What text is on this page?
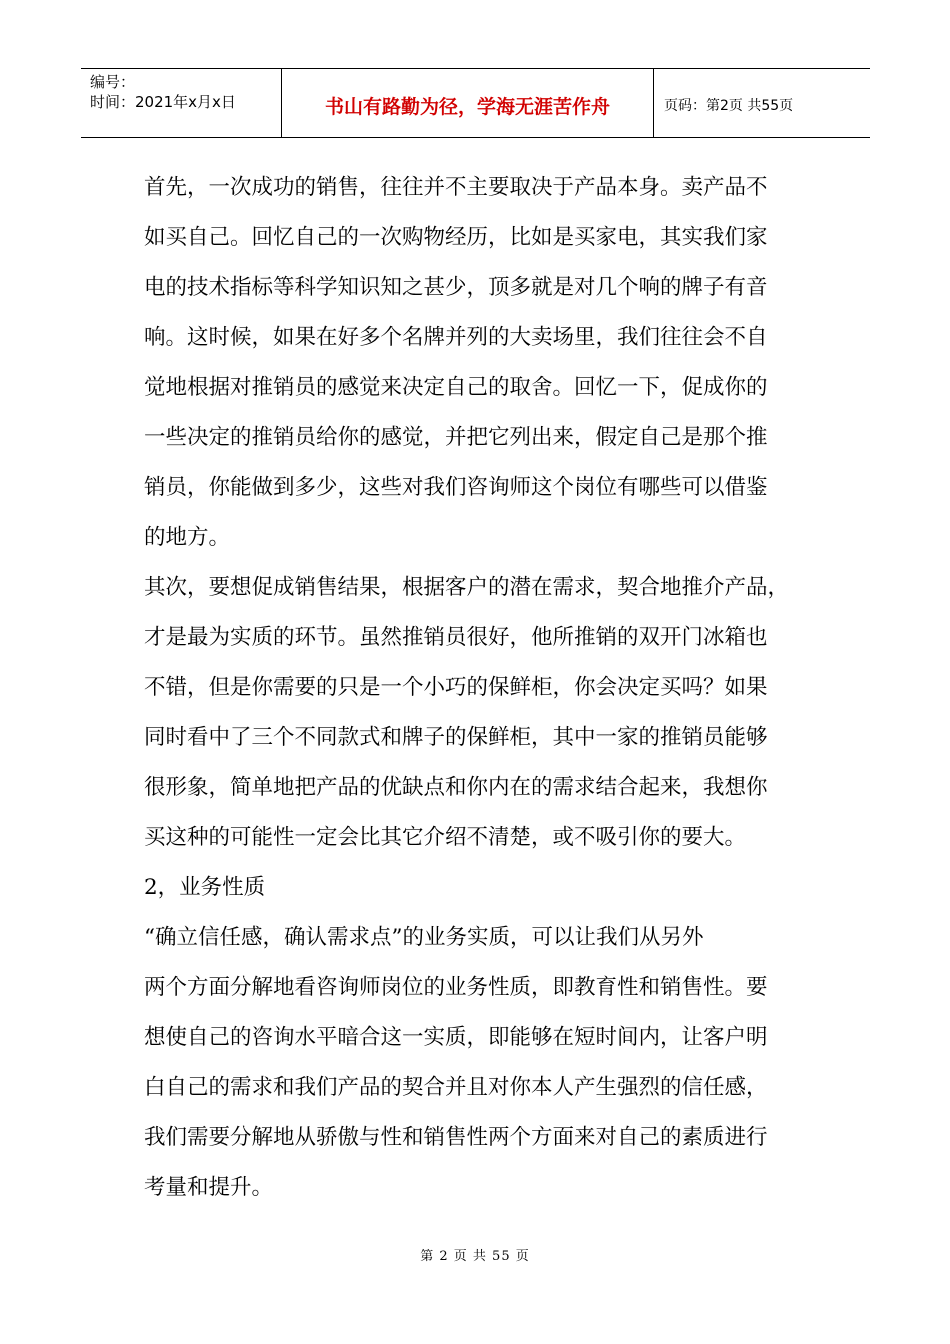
编号：
时间：2021年x月x日	书山有路勤为径，学海无涯苦作舟	页码：第2页 共55页
首先，一次成功的销售，往往并不主要取决于产品本身。卖产品不
如买自己。回忆自己的一次购物经历，比如是买家电，其实我们家
电的技术指标等科学知识知之甚少，顶多就是对几个响的牌子有音
响。这时候，如果在好多个名牌并列的大卖场里，我们往往会不自
觉地根据对推销员的感觉来决定自己的取舍。回忆一下，促成你的
一些决定的推销员给你的感觉，并把它列出来，假定自己是那个推
销员，你能做到多少，这些对我们咨询师这个岗位有哪些可以借鉴
的地方。
其次，要想促成销售结果，根据客户的潜在需求，契合地推介产品，
才是最为实质的环节。虽然推销员很好，他所推销的双开门冰箱也
不错，但是你需要的只是一个小巧的保鲜柜，你会决定买吗？如果
同时看中了三个不同款式和牌子的保鲜柜，其中一家的推销员能够
很形象，简单地把产品的优缺点和你内在的需求结合起来，我想你
买这种的可能性一定会比其它介绍不清楚，或不吸引你的要大。
2，业务性质
“确立信任感，确认需求点”的业务实质，可以让我们从另外
两个方面分解地看咨询师岗位的业务性质，即教育性和销售性。要
想使自己的咨询水平暗合这一实质，即能够在短时间内，让客户明
白自己的需求和我们产品的契合并且对你本人产生强烈的信任感，
我们需要分解地从骄傲与性和销售性两个方面来对自己的素质进行
考量和提升。
第 2 页 共 55 页
